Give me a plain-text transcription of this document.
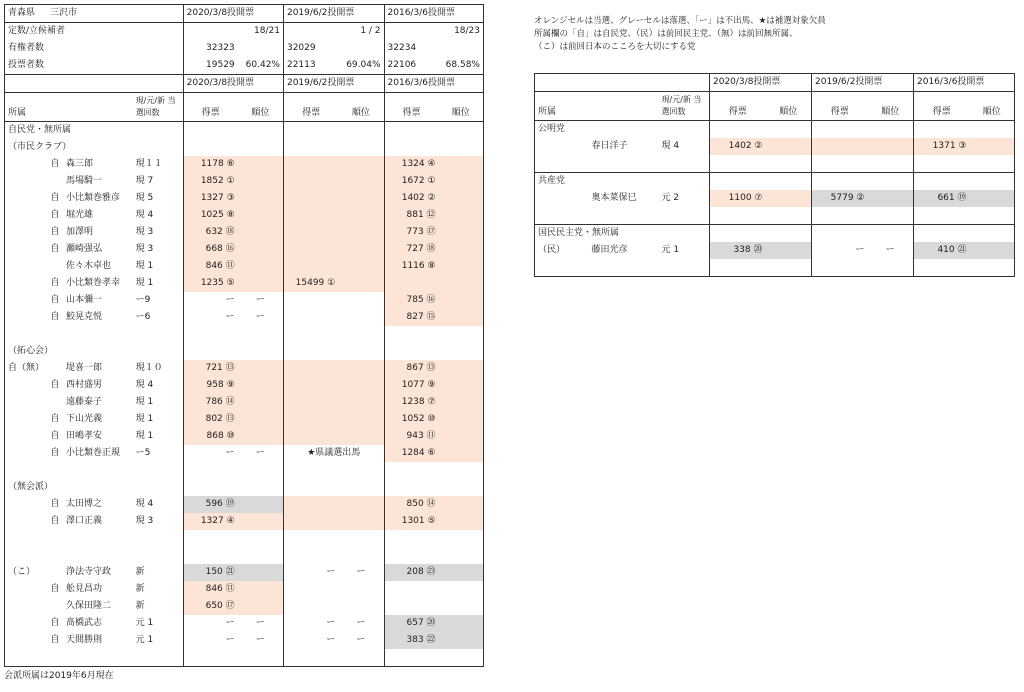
青森県	三沢市			2020/3/8投開票		2019/6/2投開票		2016/3/6投開票	
定数/立候補者					18/21		1 / 2		18/23
有権者数				32323		32029		32234	
投票者数				19529	60.42%	22113	69.04%	22106	68.58%
				2020/3/8投開票		2019/6/2投開票		2016/3/6投開票	
所属			現/元/新 当選回数	得票	順位	得票	順位	得票	順位
自民党・無所属									
（市民クラブ）									
	自	森三郎	現１１	1178 ⑥				1324 ④	
		馬場騎一	現 7	1852 ①				1672 ①	
	自	小比類巻雅彦	現 5	1327 ③				1402 ②	
	自	堀光雄	現 4	1025 ⑧				881 ⑫	
	自	加澤明	現 3	632 ⑱				773 ⑰	
	自	瀬崎强弘	現 3	668 ⑯				727 ⑱	
		佐々木卓也	現 1	846 ⑪				1116 ⑧	
	自	小比類巻孝幸	現 1	1235 ⑤		15499 ①			
	自	山本彌一	ー9	ー	ー			785 ⑯	
	自	鮫晃克悦	ー6	ー	ー			827 ⑮	

（拓心会）									
自（無）		堤喜一郎	現１０	721 ⑬				867 ⑬	
	自	西村盛男	現 4	958 ⑨				1077 ⑨	
		遠藤泰子	現 1	786 ⑭				1238 ⑦	
	自	下山光義	現 1	802 ⑬				1052 ⑩	
	自	田嶋孝安	現 1	868 ⑩				943 ⑪	
	自	小比類巻正規	ー5	ー	ー	★県議選出馬		1284 ⑥	

（無会派）									
	自	太田博之	現 4	596 ⑲				850 ⑭	
	自	澤口正義	現 3	1327 ④				1301 ⑤	

（こ）		浄法寺守政	新	150 ㉑		ー	ー	208 ㉓	
	自	舩見昌功	新	846 ⑪					
		久保田隆二	新	650 ⑰					
	自	髙橋武志	元 1	ー	ー	ー	ー	657 ⑳	
	自	天間勝則	元 1	ー	ー	ー	ー	383 ㉒	

オレンジセルは当選、グレーセルは落選、「ー」は不出馬、★は補選対象欠員
所属欄の「自」は自民党、（民）は前回民主党、（無）は前回無所属、
（こ）は前回日本のこころを大切にする党
				2020/3/8投開票		2019/6/2投開票		2016/3/6投開票	
所属			現/元/新 当選回数	得票	順位	得票	順位	得票	順位
公明党									
		春日洋子	現 4	1402 ②				1371 ③	

共産党									
		奥本菜保巳	元 2	1100 ⑦		5779 ②		661 ⑲	

国民民主党・無所属									
（民）		藤田光彦	元 1	338 ⑳		ー	ー	410 ㉑	

会派所属は2019年6月現在
